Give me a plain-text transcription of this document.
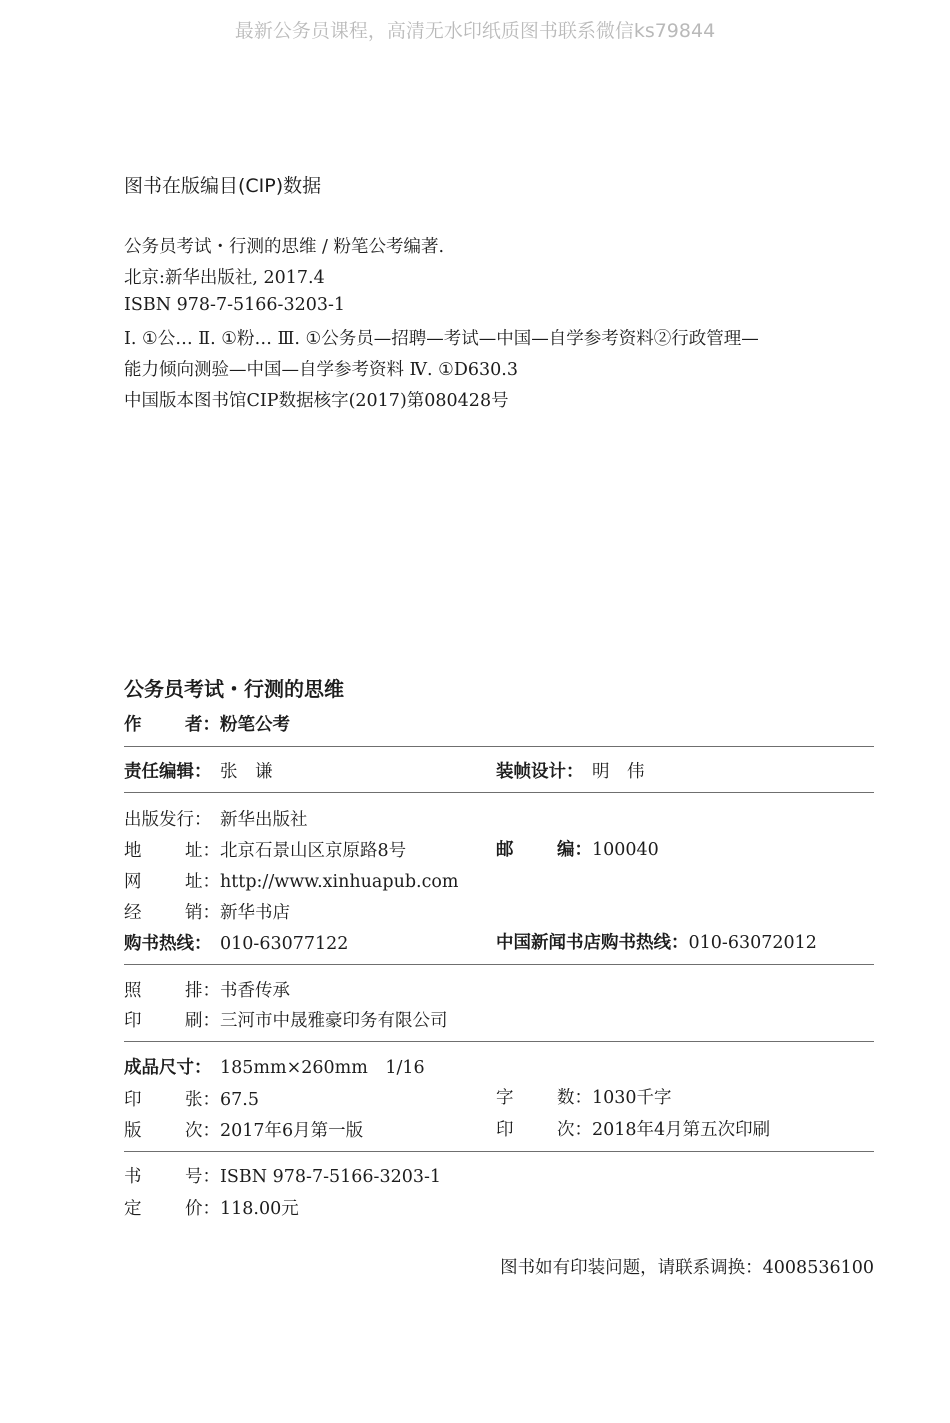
最新公务员课程，高清无水印纸质图书联系微信ks79844
图书在版编目(CIP)数据
公务员考试・行测的思维 / 粉笔公考编著.
北京:新华出版社, 2017.4
ISBN 978-7-5166-3203-1
Ⅰ. ①公… Ⅱ. ①粉… Ⅲ. ①公务员—招聘—考试—中国—自学参考资料②行政管理—
能力倾向测验—中国—自学参考资料 Ⅳ. ①D630.3
中国版本图书馆CIP数据核字(2017)第080428号
公务员考试・行测的思维
作 者： 粉笔公考
责任编辑： 张　谦	装帧设计： 明　伟
出版发行： 新华出版社
地 址： 北京石景山区京原路8号	邮 编： 100040
网 址： http://www.xinhuapub.com
经 销： 新华书店
购书热线： 010-63077122	中国新闻书店购书热线： 010-63072012
照 排： 书香传承
印 刷： 三河市中晟雅豪印务有限公司
成品尺寸： 185mm×260mm　1/16
印 张： 67.5	字 数： 1030千字
版 次： 2017年6月第一版	印 次： 2018年4月第五次印刷
书 号： ISBN 978-7-5166-3203-1
定 价： 118.00元
图书如有印装问题，请联系调换：4008536100
